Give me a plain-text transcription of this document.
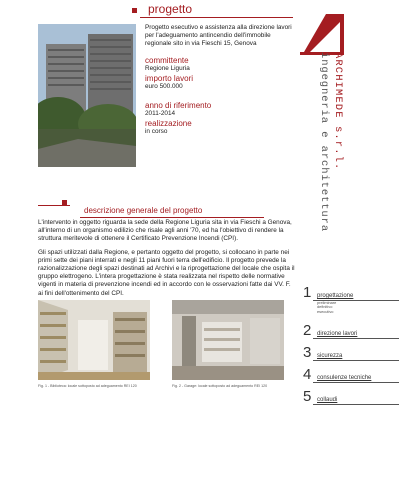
progetto
Progetto esecutivo e assistenza alla direzione lavori per l'adeguamento antincendio dell'immobile regionale sito in via Fieschi 15, Genova
committente
Regione Liguria
importo lavori
euro 500.000
anno di riferimento
2011-2014
realizzazione
in corso	ARCHIMEDE s.r.l.
ingegneria e architettura
descrizione generale del progetto

L'intervento in oggetto riguarda la sede della Regione Liguria sita in via Fieschi a Genova, all'interno di un organismo edilizio che risale agli anni '70, ed ha l'obiettivo di rendere la struttura meritevole di ottenere il Certificato Prevenzione Incendi (CPI).

Gli spazi utilizzati dalla Regione, e pertanto oggetto del progetto, si collocano in parte nei primi sette dei piani interrati e negli 11 piani fuori terra dell'edificio. Il progetto prevede la razionalizzazione degli spazi destinati ad Archivi e la riprogettazione del locale che ospita il gruppo elettrogeno. L'intera progettazione è stata realizzata nel rispetto delle normative vigenti in materia di prevenzione incendi ed in accordo con le osservazioni fatte dai VV. F. ai fini dell'ottenimento del CPI.

Fig. 1 - Biblioteca: locale sottoposto ad adeguamento REI 120	Fig. 2 - Garage: locale sottoposto ad adeguamento REI 120
1 progettazione
preliminare
definitivo
esecutivo
2 direzione lavori
3 sicurezza
4 consulenze tecniche
5 collaudi
